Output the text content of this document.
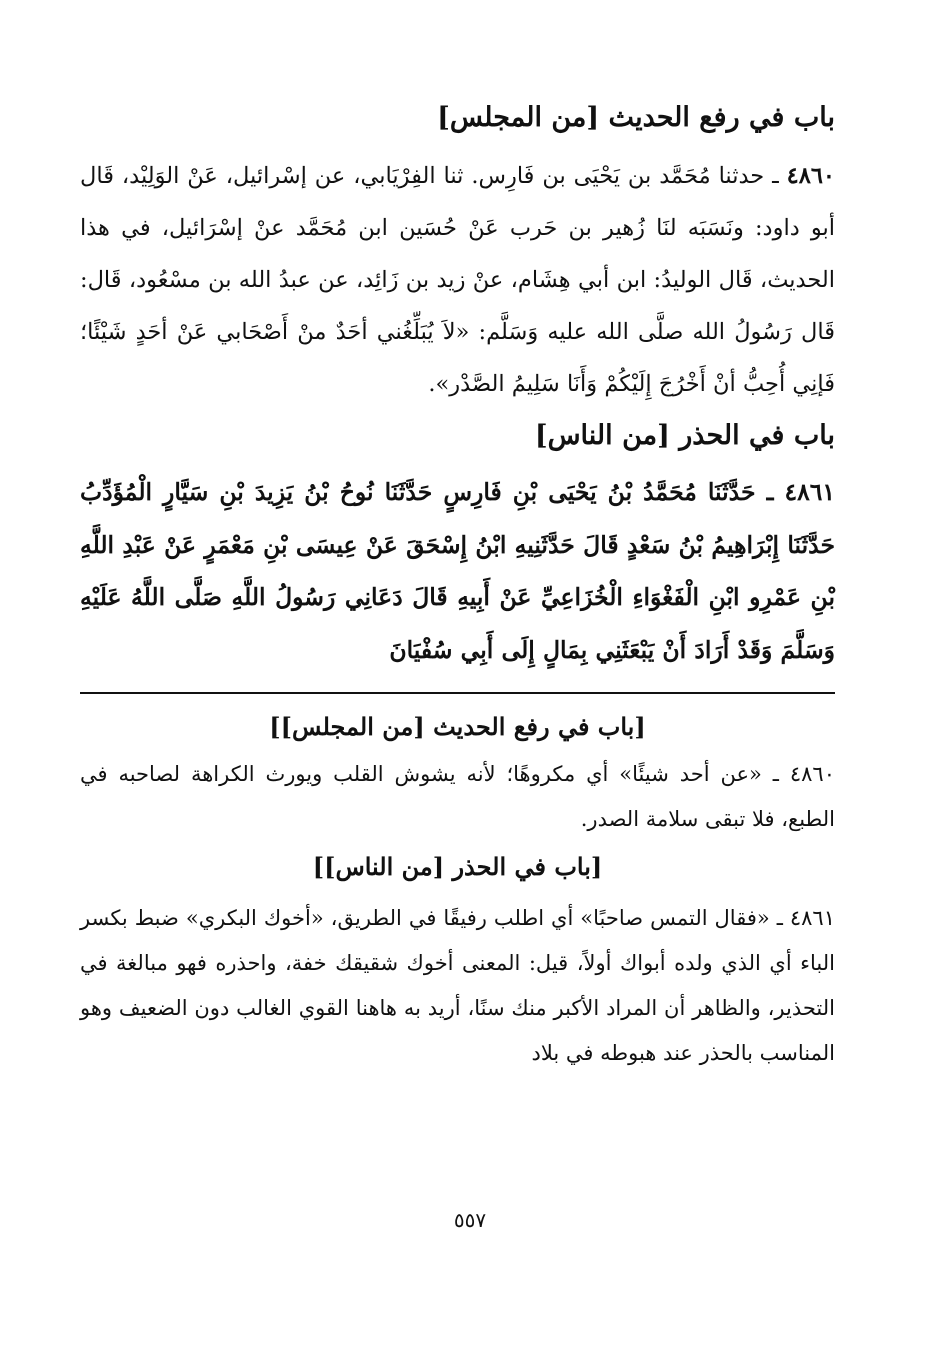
باب في رفع الحديث [من المجلس]

٤٨٦٠ ـ حدثنا مُحَمَّد بن يَحْيَى بن فَارِس. ثنا الفِرْيَابي، عن إسْرائيل، عَنْ الوَلِيْد، قَال أبو داود: ونَسَبَه لنَا زُهير بن حَرب عَنْ حُسَين ابن مُحَمَّد عنْ إسْرَائيل، في هذا الحديث، قَال الوليدُ: ابن أبي هِشَام، عنْ زيد بن زَائِد، عن عبدُ الله بن مسْعُود، قَال: قَال رَسُولُ الله صلَّى الله عليه وَسَلَّم: «لاَ يُبَلِّغُني أحَدٌ منْ أَصْحَابي عَنْ أحَدٍ شَيْئًا؛ فَإنِي أُحِبُّ أنْ أَخْرُجَ إِلَيْكُمْ وَأَنَا سَلِيمُ الصَّدْر».

باب في الحذر [من الناس]

٤٨٦١ ـ حَدَّثَنَا مُحَمَّدُ بْنُ يَحْيَى بْنِ فَارِسٍ حَدَّثَنَا نُوحُ بْنُ يَزِيدَ بْنِ سَيَّارٍ الْمُؤَدِّبُ حَدَّثَنَا إِبْرَاهِيمُ بْنُ سَعْدٍ قَالَ حَدَّثَنِيهِ ابْنُ إِسْحَقَ عَنْ عِيسَى بْنِ مَعْمَرٍ عَنْ عَبْدِ اللَّهِ بْنِ عَمْرِو ابْنِ الْفَغْوَاءِ الْخُزَاعِيِّ عَنْ أَبِيهِ قَالَ دَعَانِي رَسُولُ اللَّهِ صَلَّى اللَّهُ عَلَيْهِ وَسَلَّمَ وَقَدْ أَرَادَ أَنْ يَبْعَثَنِي بِمَالٍ إِلَى أَبِي سُفْيَانَ

[باب في رفع الحديث [من المجلس]]

٤٨٦٠ ـ «عن أحد شيئًا» أي مكروهًا؛ لأنه يشوش القلب ويورث الكراهة لصاحبه في الطبع، فلا تبقى سلامة الصدر.

[باب في الحذر [من الناس]]

٤٨٦١ ـ «فقال التمس صاحبًا» أي اطلب رفيقًا في الطريق، «أخوك البكري» ضبط بكسر الباء أي الذي ولده أبواك أولاً، قيل: المعنى أخوك شقيقك خفة، واحذره فهو مبالغة في التحذير، والظاهر أن المراد الأكبر منك سنًا، أريد به هاهنا القوي الغالب دون الضعيف وهو المناسب بالحذر عند هبوطه في بلاد

٥٥٧
